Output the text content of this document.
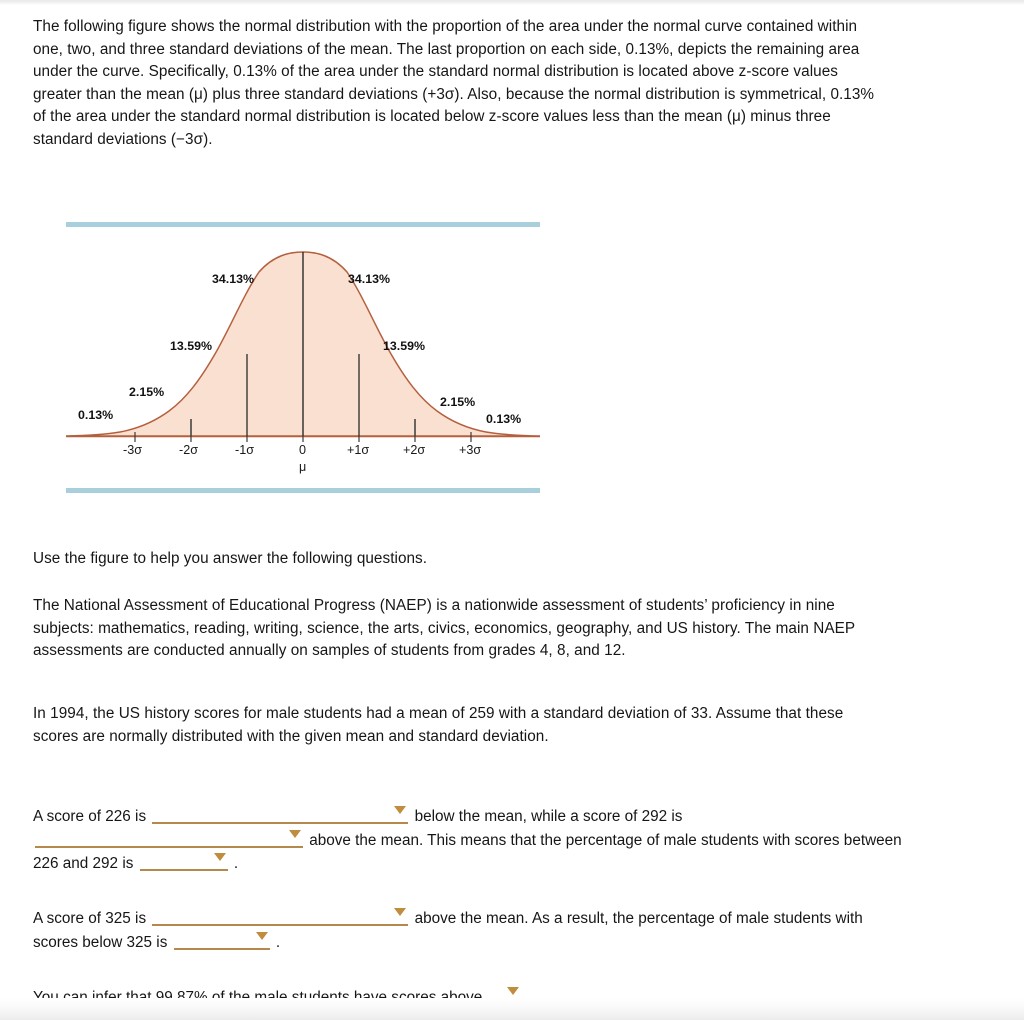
The following figure shows the normal distribution with the proportion of the area under the normal curve contained within one, two, and three standard deviations of the mean. The last proportion on each side, 0.13%, depicts the remaining area under the curve. Specifically, 0.13% of the area under the standard normal distribution is located above z-score values greater than the mean (μ) plus three standard deviations (+3σ). Also, because the normal distribution is symmetrical, 0.13% of the area under the standard normal distribution is located below z-score values less than the mean (μ) minus three standard deviations (−3σ).

0.13%
2.15%
13.59%
34.13%	34.13%
13.59%
2.15%
0.13%
-3σ	-2σ	-1σ	0	+1σ	+2σ	+3σ
μ

Use the figure to help you answer the following questions.

The National Assessment of Educational Progress (NAEP) is a nationwide assessment of students’ proficiency in nine subjects: mathematics, reading, writing, science, the arts, civics, economics, geography, and US history. The main NAEP assessments are conducted annually on samples of students from grades 4, 8, and 12.

In 1994, the US history scores for male students had a mean of 259 with a standard deviation of 33. Assume that these scores are normally distributed with the given mean and standard deviation.

A score of 226 is	below the mean, while a score of 292 is
above the mean. This means that the percentage of male students with scores between 226 and 292 is	.
A score of 325 is	above the mean. As a result, the percentage of male students with scores below 325 is	.
